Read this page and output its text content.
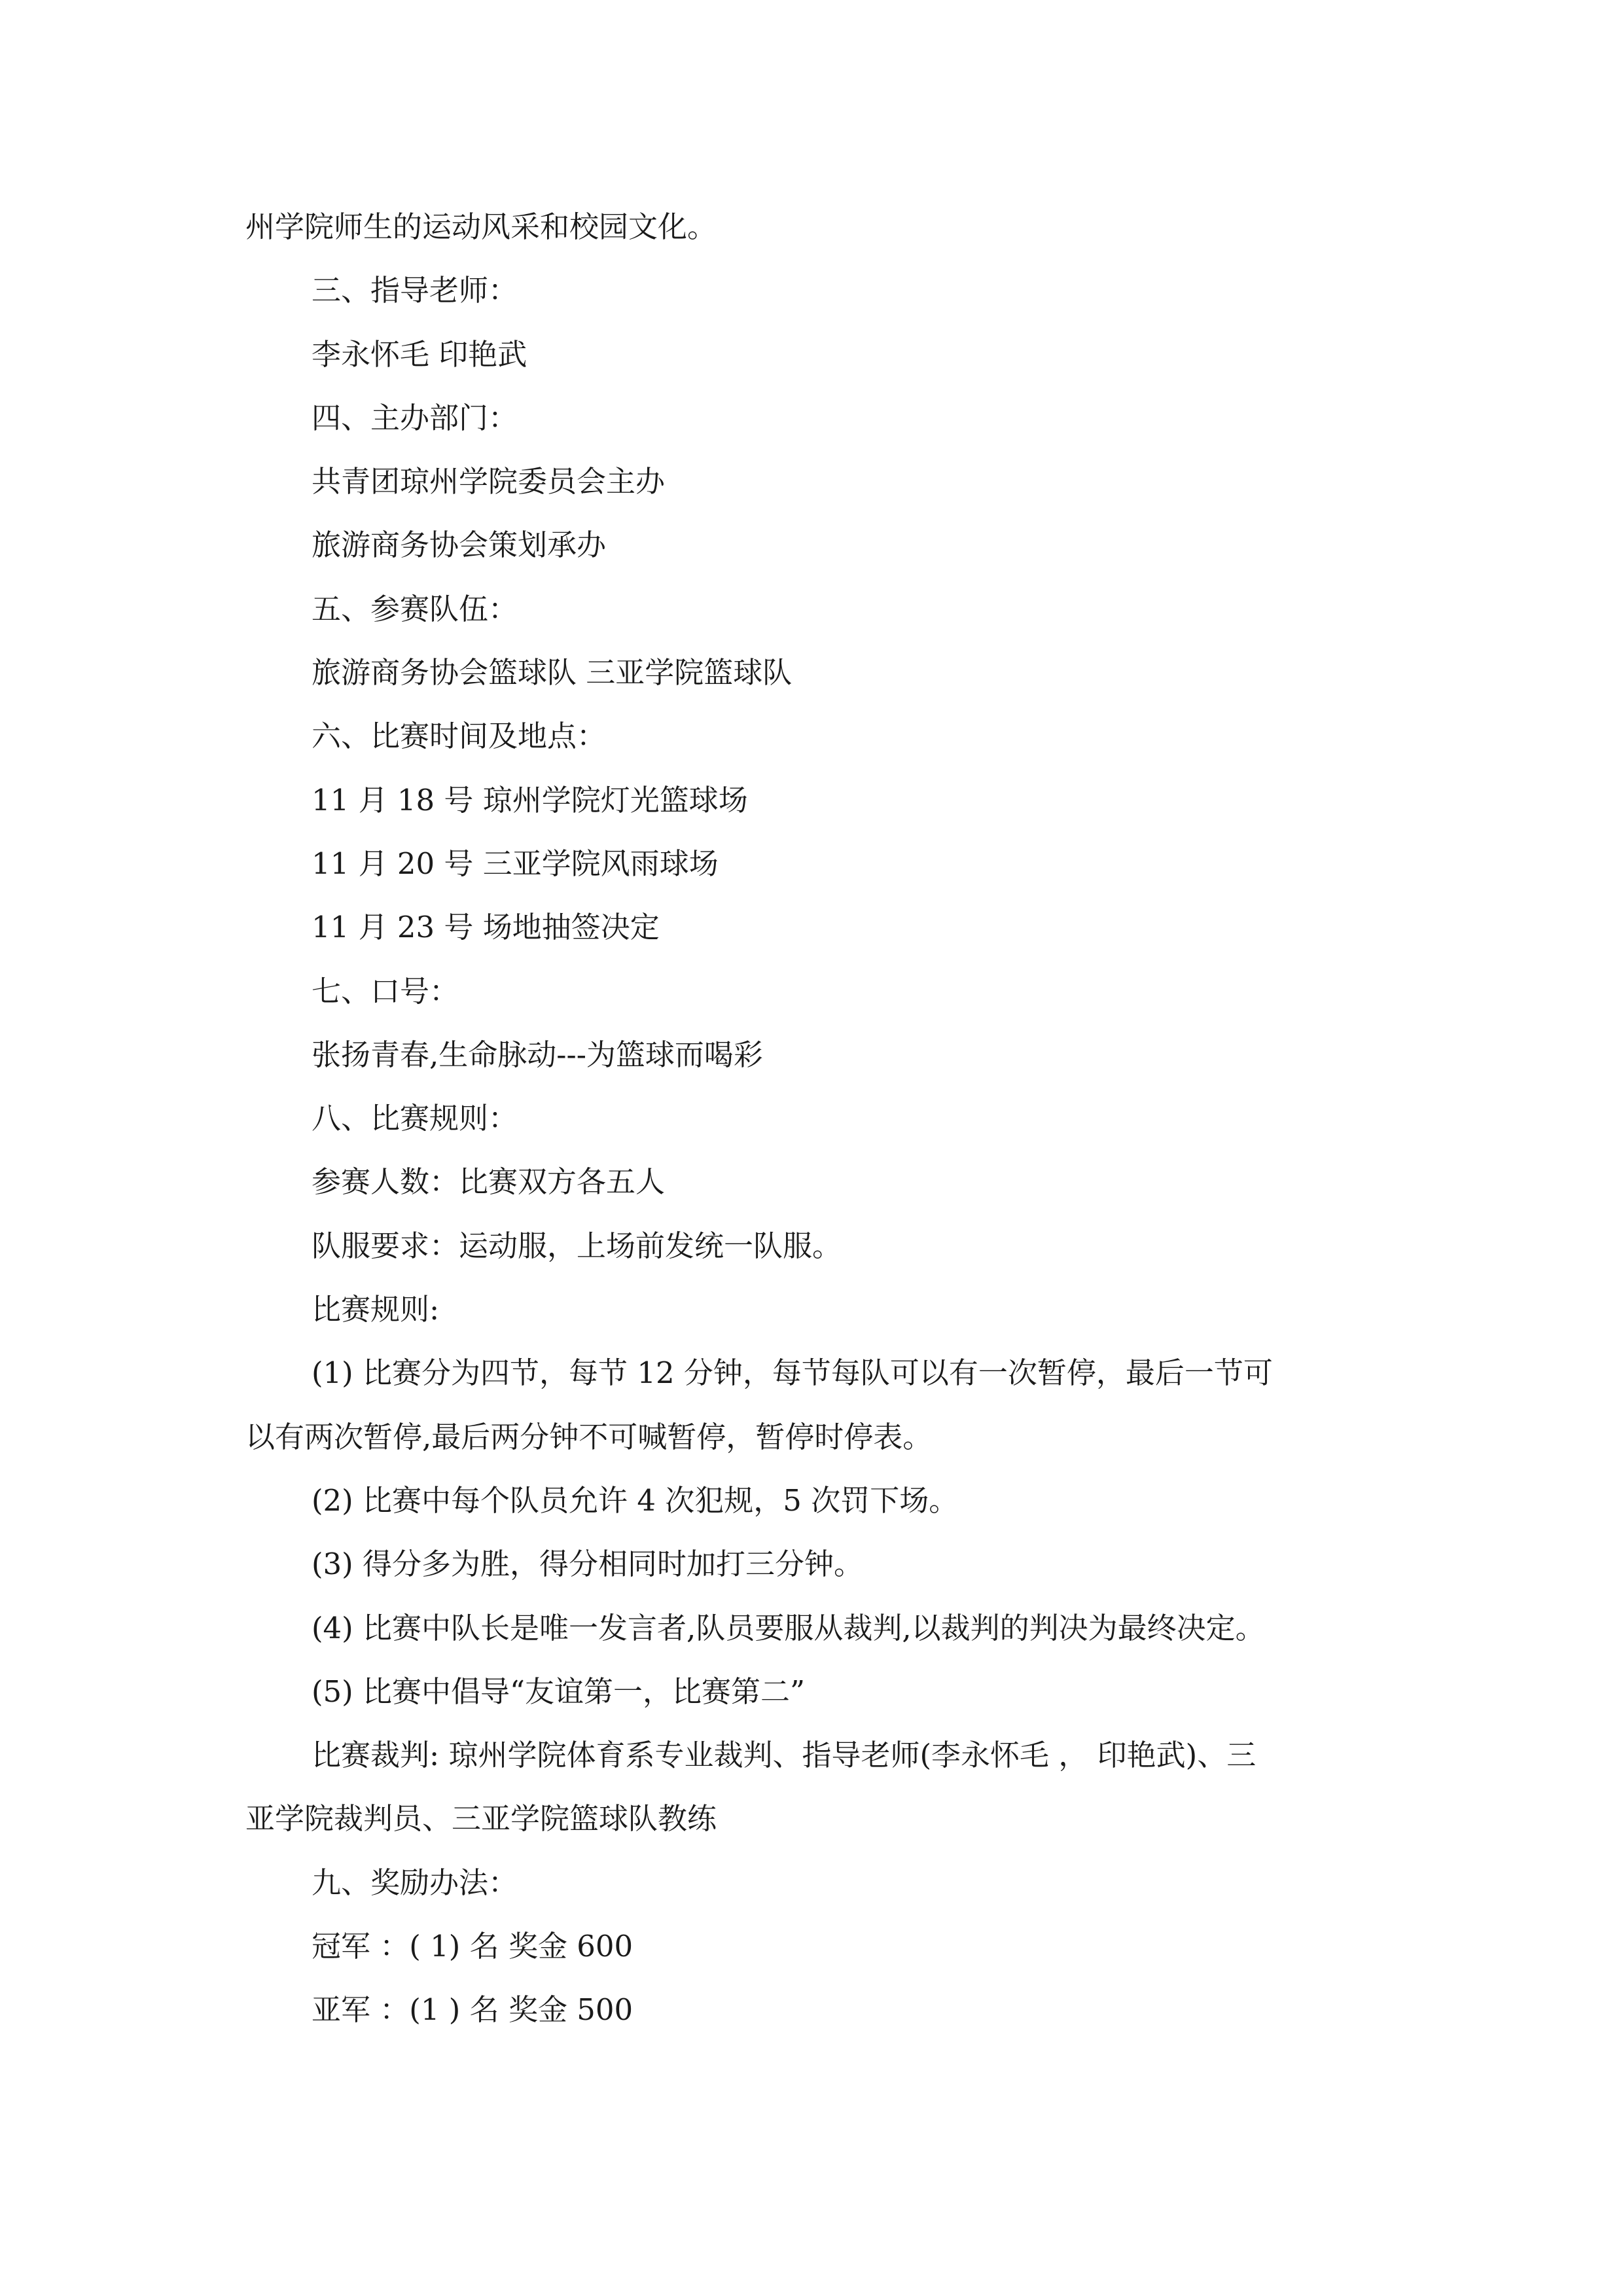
州学院师生的运动风采和校园文化。
三、指导老师：
李永怀毛 印艳武
四、主办部门：
共青团琼州学院委员会主办
旅游商务协会策划承办
五、参赛队伍：
旅游商务协会篮球队 三亚学院篮球队
六、比赛时间及地点：
11 月 18 号 琼州学院灯光篮球场
11 月 20 号 三亚学院风雨球场
11 月 23 号 场地抽签决定
七、口号：
张扬青春,生命脉动---为篮球而喝彩
八、比赛规则：
参赛人数：比赛双方各五人
队服要求：运动服，上场前发统一队服。
比赛规则:
(1) 比赛分为四节，每节 12 分钟，每节每队可以有一次暂停，最后一节可
以有两次暂停,最后两分钟不可喊暂停，暂停时停表。
(2) 比赛中每个队员允许 4 次犯规，5 次罚下场。
(3) 得分多为胜，得分相同时加打三分钟。
(4) 比赛中队长是唯一发言者,队员要服从裁判,以裁判的判决为最终决定。
(5) 比赛中倡导“友谊第一，比赛第二”
比赛裁判: 琼州学院体育系专业裁判、指导老师(李永怀毛 ， 印艳武)、三
亚学院裁判员、三亚学院篮球队教练
九、奖励办法：
冠军 ：( 1) 名 奖金 600
亚军 ：(1 ) 名 奖金 500
